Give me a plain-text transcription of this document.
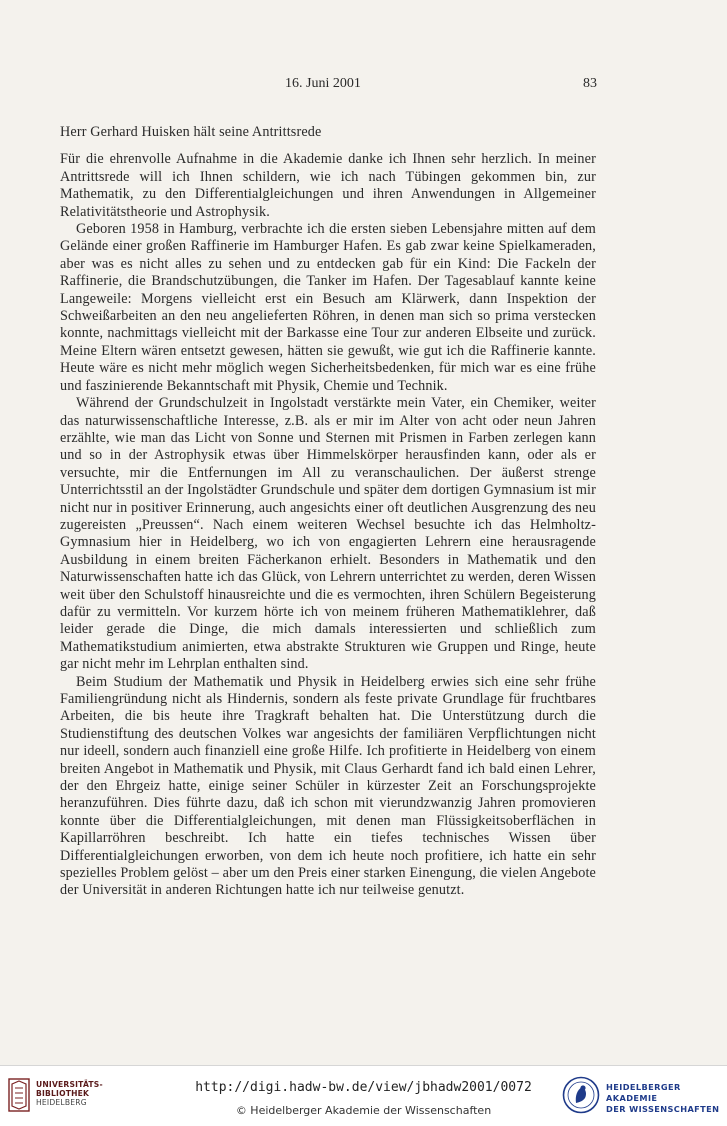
16. Juni 2001	83

Herr Gerhard Huisken hält seine Antrittsrede

Für die ehrenvolle Aufnahme in die Akademie danke ich Ihnen sehr herzlich. In meiner Antrittsrede will ich Ihnen schildern, wie ich nach Tübingen gekommen bin, zur Mathematik, zu den Differentialgleichungen und ihren Anwendungen in Allgemeiner Relativitätstheorie und Astrophysik.

Geboren 1958 in Hamburg, verbrachte ich die ersten sieben Lebensjahre mitten auf dem Gelände einer großen Raffinerie im Hamburger Hafen. Es gab zwar keine Spielkameraden, aber was es nicht alles zu sehen und zu entdecken gab für ein Kind: Die Fackeln der Raffinerie, die Brandschutzübungen, die Tanker im Hafen. Der Tagesablauf kannte keine Langeweile: Morgens vielleicht erst ein Besuch am Klärwerk, dann Inspektion der Schweißarbeiten an den neu angelieferten Röhren, in denen man sich so prima verstecken konnte, nachmittags vielleicht mit der Barkasse eine Tour zur anderen Elbseite und zurück. Meine Eltern wären entsetzt gewesen, hätten sie gewußt, wie gut ich die Raffinerie kannte. Heute wäre es nicht mehr möglich wegen Sicherheitsbedenken, für mich war es eine frühe und faszinierende Bekanntschaft mit Physik, Chemie und Technik.

Während der Grundschulzeit in Ingolstadt verstärkte mein Vater, ein Chemiker, weiter das naturwissenschaftliche Interesse, z.B. als er mir im Alter von acht oder neun Jahren erzählte, wie man das Licht von Sonne und Sternen mit Prismen in Farben zerlegen kann und so in der Astrophysik etwas über Himmelskörper herausfinden kann, oder als er versuchte, mir die Entfernungen im All zu veranschaulichen. Der äußerst strenge Unterrichtsstil an der Ingolstädter Grundschule und später dem dortigen Gymnasium ist mir nicht nur in positiver Erinnerung, auch angesichts einer oft deutlichen Ausgrenzung des neu zugereisten „Preussen“. Nach einem weiteren Wechsel besuchte ich das Helmholtz-Gymnasium hier in Heidelberg, wo ich von engagierten Lehrern eine herausragende Ausbildung in einem breiten Fächerkanon erhielt. Besonders in Mathematik und den Naturwissenschaften hatte ich das Glück, von Lehrern unterrichtet zu werden, deren Wissen weit über den Schulstoff hinausreichte und die es vermochten, ihren Schülern Begeisterung dafür zu vermitteln. Vor kurzem hörte ich von meinem früheren Mathematiklehrer, daß leider gerade die Dinge, die mich damals interessierten und schließlich zum Mathematikstudium animierten, etwa abstrakte Strukturen wie Gruppen und Ringe, heute gar nicht mehr im Lehrplan enthalten sind.

Beim Studium der Mathematik und Physik in Heidelberg erwies sich eine sehr frühe Familiengründung nicht als Hindernis, sondern als feste private Grundlage für fruchtbares Arbeiten, die bis heute ihre Tragkraft behalten hat. Die Unterstützung durch die Studienstiftung des deutschen Volkes war angesichts der familiären Verpflichtungen nicht nur ideell, sondern auch finanziell eine große Hilfe. Ich profitierte in Heidelberg von einem breiten Angebot in Mathematik und Physik, mit Claus Gerhardt fand ich bald einen Lehrer, der den Ehrgeiz hatte, einige seiner Schüler in kürzester Zeit an Forschungsprojekte heranzuführen. Dies führte dazu, daß ich schon mit vierundzwanzig Jahren promovieren konnte über die Differentialgleichungen, mit denen man Flüssigkeitsoberflächen in Kapillarröhren beschreibt. Ich hatte ein tiefes technisches Wissen über Differentialgleichungen erworben, von dem ich heute noch profitiere, ich hatte ein sehr spezielles Problem gelöst – aber um den Preis einer starken Einengung, die vielen Angebote der Universität in anderen Richtungen hatte ich nur teilweise genutzt.

UNIVERSITÄTS-
BIBLIOTHEK
HEIDELBERG
http://digi.hadw-bw.de/view/jbhadw2001/0072
© Heidelberger Akademie der Wissenschaften
HEIDELBERGER AKADEMIE
DER WISSENSCHAFTEN
